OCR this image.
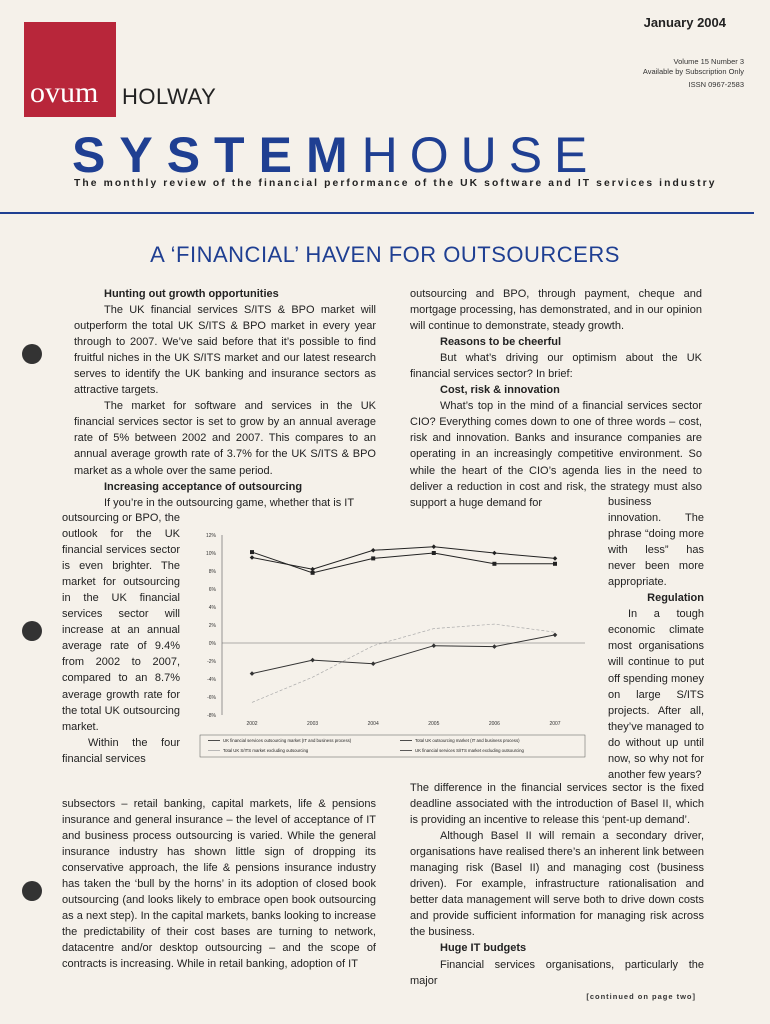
ovum HOLWAY
January 2004
Volume 15 Number 3
Available by Subscription Only
ISSN 0967-2583
SYSTEMHOUSE
The monthly review of the financial performance of the UK software and IT services industry
A ‘FINANCIAL’ HAVEN FOR OUTSOURCERS
Hunting out growth opportunities

The UK financial services S/ITS & BPO market will outperform the total UK S/ITS & BPO market in every year through to 2007. We’ve said before that it’s possible to find fruitful niches in the UK S/ITS market and our latest research serves to identify the UK banking and insurance sectors as attractive targets.

The market for software and services in the UK financial services sector is set to grow by an annual average rate of 5% between 2002 and 2007. This compares to an annual average growth rate of 3.7% for the UK S/ITS & BPO market as a whole over the same period.

Increasing acceptance of outsourcing

If you’re in the outsourcing game, whether that is IT

outsourcing or BPO, the outlook for the UK financial services sector is even brighter. The market for outsourcing in the UK financial services sector will increase at an annual average rate of 9.4% from 2002 to 2007, compared to an 8.7% average growth rate for the total UK outsourcing market.

Within the four financial services

subsectors – retail banking, capital markets, life & pensions insurance and general insurance – the level of acceptance of IT and business process outsourcing is varied. While the general insurance industry has shown little sign of dropping its conservative approach, the life & pensions insurance industry has taken the ‘bull by the horns’ in its adoption of closed book outsourcing (and looks likely to embrace open book outsourcing as a next step). In the capital markets, banks looking to increase the predictability of their cost bases are turning to network, datacentre and/or desktop outsourcing – and the scope of contracts is increasing. While in retail banking, adoption of IT

outsourcing and BPO, through payment, cheque and mortgage processing, has demonstrated, and in our opinion will continue to demonstrate, steady growth.

Reasons to be cheerful

But what’s driving our optimism about the UK financial services sector? In brief:

Cost, risk & innovation

What’s top in the mind of a financial services sector CIO? Everything comes down to one of three words – cost, risk and innovation. Banks and insurance companies are operating in an increasingly competitive environment. So while the heart of the CIO’s agenda lies in the need to deliver a reduction in cost and risk, the strategy must also support a huge demand for	business innovation. The phrase “doing more with less” has never been more appropriate.

Regulation

In a tough economic climate most organisations will continue to put off spending money on large S/ITS projects. After all, they’ve managed to do without up until now, so why not for another few years?

The difference in the financial services sector is the fixed deadline associated with the introduction of Basel II, which is providing an incentive to release this ‘pent-up demand’.

Although Basel II will remain a secondary driver, organisations have realised there’s an inherent link between managing risk (Basel II) and managing cost (business driven). For example, infrastructure rationalisation and better data management will serve both to drive down costs and provide sufficient information for managing risk across the business.

Huge IT budgets

Financial services organisations, particularly the major

12%
10%
8%
6%
4%
2%
0%
-2%
-4%
-6%
-8%
2002	2003	2004	2005	2006	2007
UK financial services outsourcing market (IT and business process)	Total UK outsourcing market (IT and business process)
Total UK S/ITS market excluding outsourcing	UK financial services S/ITS market excluding outsourcing
[continued on page two]
